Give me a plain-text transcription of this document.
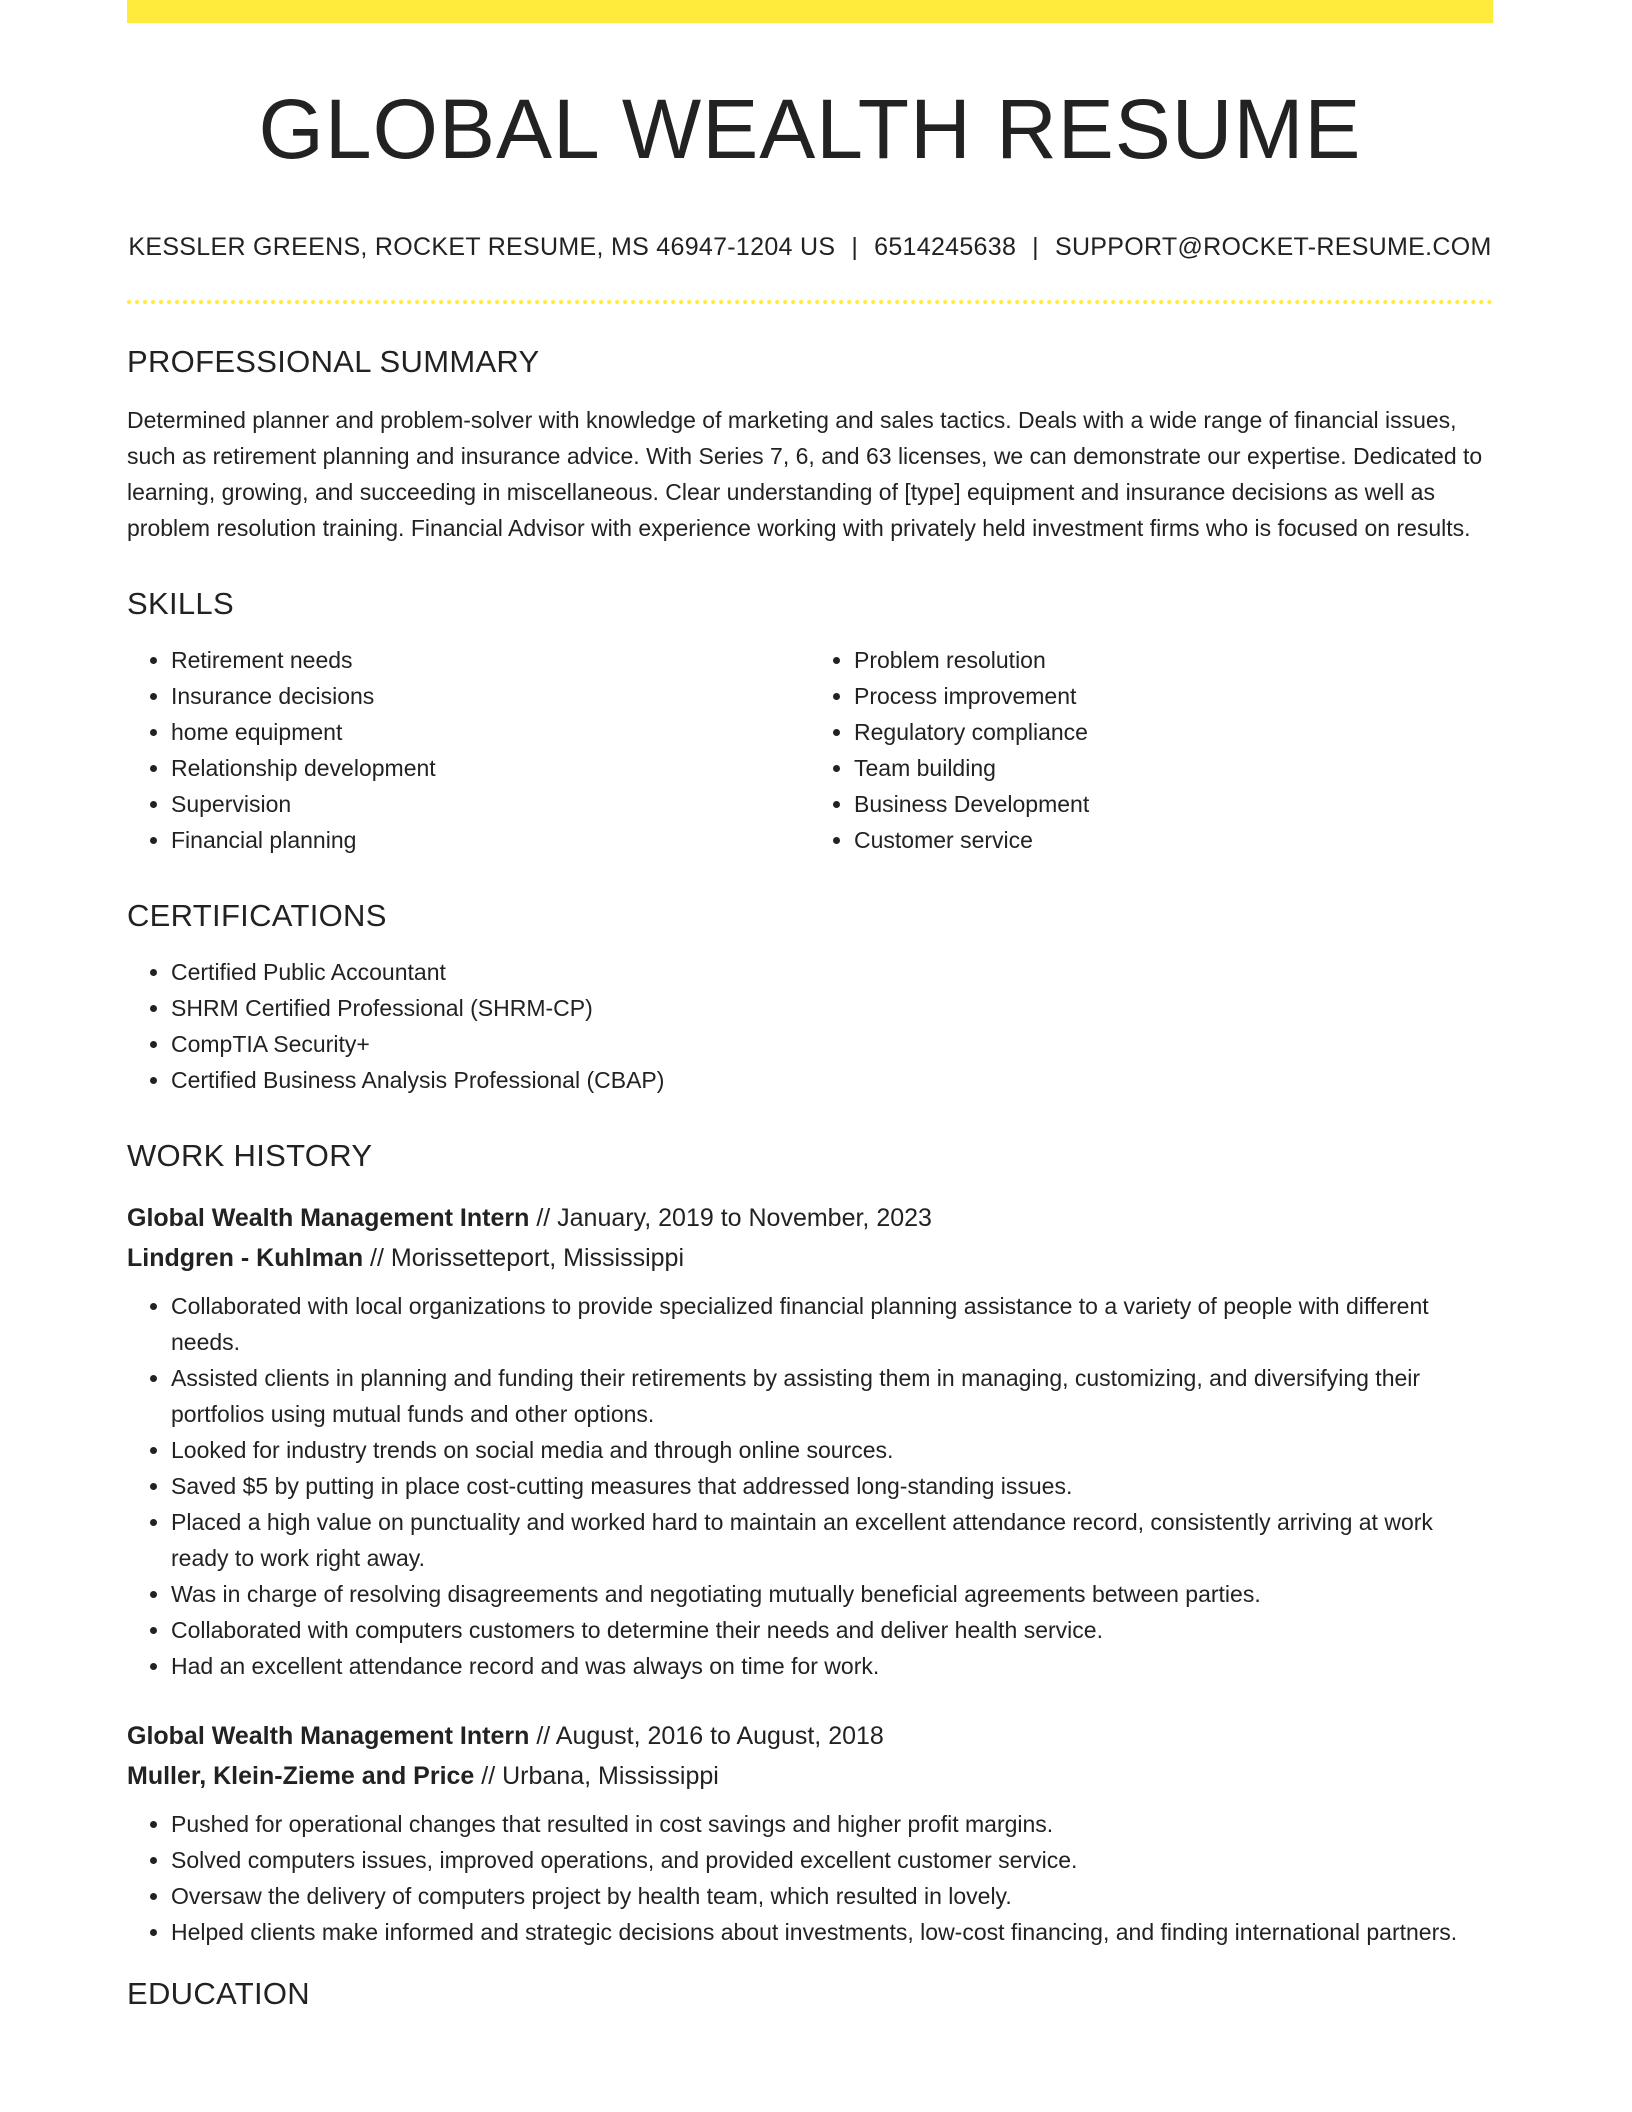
GLOBAL WEALTH RESUME
KESSLER GREENS, ROCKET RESUME, MS 46947-1204 US | 6514245638 | SUPPORT@ROCKET-RESUME.COM
PROFESSIONAL SUMMARY
Determined planner and problem-solver with knowledge of marketing and sales tactics. Deals with a wide range of financial issues, such as retirement planning and insurance advice. With Series 7, 6, and 63 licenses, we can demonstrate our expertise. Dedicated to learning, growing, and succeeding in miscellaneous. Clear understanding of [type] equipment and insurance decisions as well as problem resolution training. Financial Advisor with experience working with privately held investment firms who is focused on results.
SKILLS
• Retirement needs
• Insurance decisions
• home equipment
• Relationship development
• Supervision
• Financial planning
• Problem resolution
• Process improvement
• Regulatory compliance
• Team building
• Business Development
• Customer service
CERTIFICATIONS
• Certified Public Accountant
• SHRM Certified Professional (SHRM-CP)
• CompTIA Security+
• Certified Business Analysis Professional (CBAP)
WORK HISTORY
Global Wealth Management Intern // January, 2019 to November, 2023
Lindgren - Kuhlman // Morissetteport, Mississippi
• Collaborated with local organizations to provide specialized financial planning assistance to a variety of people with different needs.
• Assisted clients in planning and funding their retirements by assisting them in managing, customizing, and diversifying their portfolios using mutual funds and other options.
• Looked for industry trends on social media and through online sources.
• Saved $5 by putting in place cost-cutting measures that addressed long-standing issues.
• Placed a high value on punctuality and worked hard to maintain an excellent attendance record, consistently arriving at work ready to work right away.
• Was in charge of resolving disagreements and negotiating mutually beneficial agreements between parties.
• Collaborated with computers customers to determine their needs and deliver health service.
• Had an excellent attendance record and was always on time for work.
Global Wealth Management Intern // August, 2016 to August, 2018
Muller, Klein-Zieme and Price // Urbana, Mississippi
• Pushed for operational changes that resulted in cost savings and higher profit margins.
• Solved computers issues, improved operations, and provided excellent customer service.
• Oversaw the delivery of computers project by health team, which resulted in lovely.
• Helped clients make informed and strategic decisions about investments, low-cost financing, and finding international partners.
EDUCATION
